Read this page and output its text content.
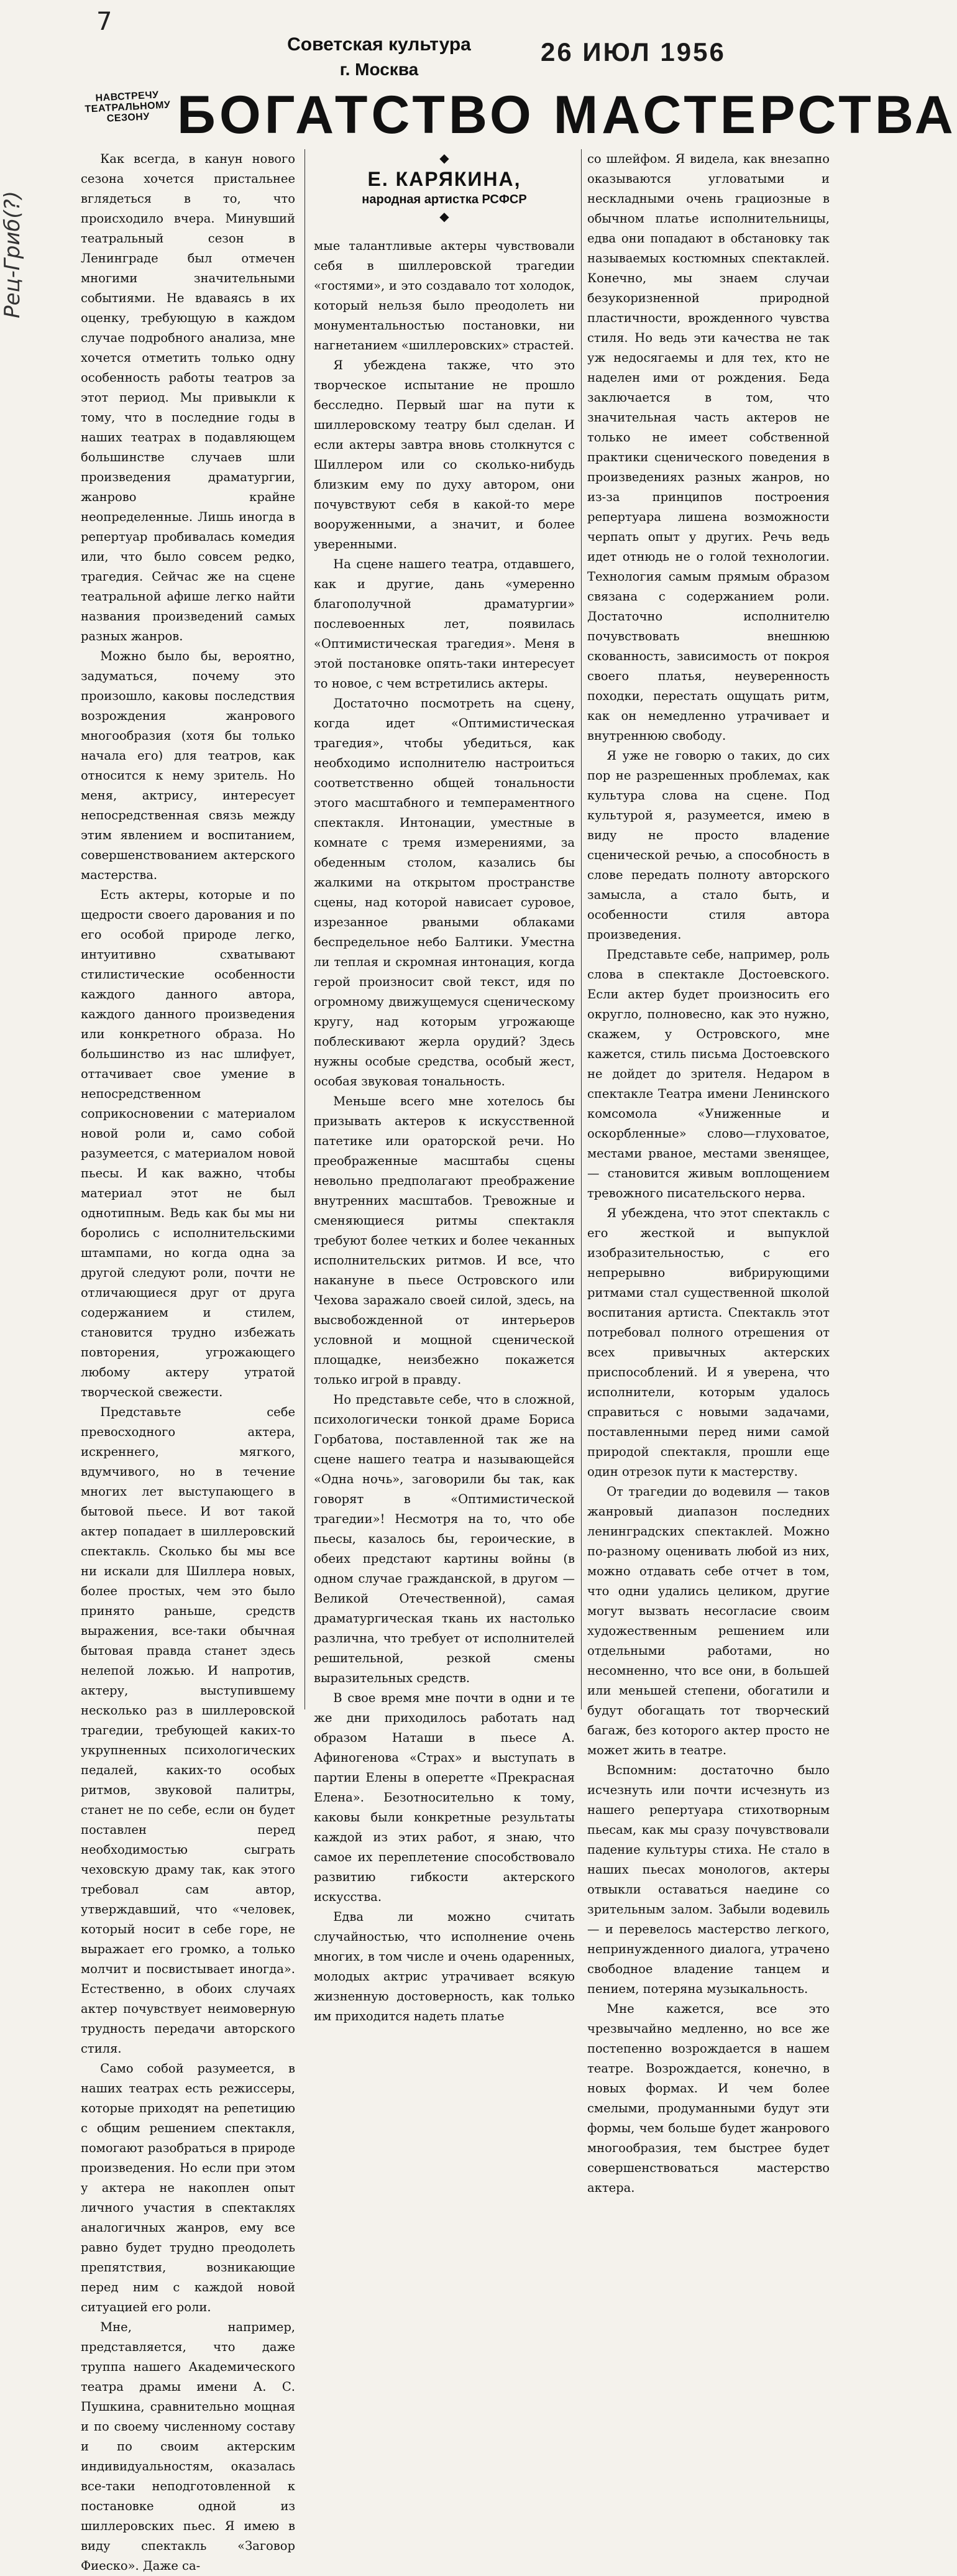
Рец-Гриб(?)
7
Советская культура
г. Москва
26 ИЮЛ 1956
НАВСТРЕЧУ
ТЕАТРАЛЬНОМУ
СЕЗОНУ БОГАТСТВО МАСТЕРСТВА
◆
Е. КАРЯКИНА,
народная артистка РСФСР
◆

Как всегда, в канун нового сезона хочется пристальнее вглядеться в то, что происходило вчера. Минувший театральный сезон в Ленинграде был отмечен многими значительными событиями. Не вдаваясь в их оценку, требующую в каждом случае подробного анализа, мне хочется отметить только одну особенность работы театров за этот период. Мы привыкли к тому, что в последние годы в наших театрах в подавляющем большинстве случаев шли произведения драматургии, жанрово крайне неопределенные. Лишь иногда в репертуар пробивалась комедия или, что было совсем редко, трагедия. Сейчас же на сцене театральной афише легко найти названия произведений самых разных жанров.

Можно было бы, вероятно, задуматься, почему это произошло, каковы последствия возрождения жанрового многообразия (хотя бы только начала его) для театров, как относится к нему зритель. Но меня, актрису, интересует непосредственная связь между этим явлением и воспитанием, совершенствованием актерского мастерства.

Есть актеры, которые и по щедрости своего дарования и по его особой природе легко, интуитивно схватывают стилистические особенности каждого данного автора, каждого данного произведения или конкретного образа. Но большинство из нас шлифует, оттачивает свое умение в непосредственном соприкосновении с материалом новой роли и, само собой разумеется, с материалом новой пьесы. И как важно, чтобы материал этот не был однотипным. Ведь как бы мы ни боролись с исполнительскими штампами, но когда одна за другой следуют роли, почти не отличающиеся друг от друга содержанием и стилем, становится трудно избежать повторения, угрожающего любому актеру утратой творческой свежести.

Представьте себе превосходного актера, искреннего, мягкого, вдумчивого, но в течение многих лет выступающего в бытовой пьесе. И вот такой актер попадает в шиллеровский спектакль. Сколько бы мы все ни искали для Шиллера новых, более простых, чем это было принято раньше, средств выражения, все-таки обычная бытовая правда станет здесь нелепой ложью. И напротив, актеру, выступившему несколько раз в шиллеровской трагедии, требующей каких-то укрупненных психологических педалей, каких-то особых ритмов, звуковой палитры, станет не по себе, если он будет поставлен перед необходимостью сыграть чеховскую драму так, как этого требовал сам автор, утверждавший, что «человек, который носит в себе горе, не выражает его громко, а только молчит и посвистывает иногда». Естественно, в обоих случаях актер почувствует неимоверную трудность передачи авторского стиля.

Само собой разумеется, в наших театрах есть режиссеры, которые приходят на репетицию с общим решением спектакля, помогают разобраться в природе произведения. Но если при этом у актера не накоплен опыт личного участия в спектаклях аналогичных жанров, ему все равно будет трудно преодолеть препятствия, возникающие перед ним с каждой новой ситуацией его роли.

Мне, например, представляется, что даже труппа нашего Академического театра драмы имени А. С. Пушкина, сравнительно мощная и по своему численному составу и по своим актерским индивидуальностям, оказалась все-таки неподготовленной к постановке одной из шиллеровских пьес. Я имею в виду спектакль «Заговор Фиеско». Даже са-

мые талантливые актеры чувствовали себя в шиллеровской трагедии «гостями», и это создавало тот холодок, который нельзя было преодолеть ни монументальностью постановки, ни нагнетанием «шиллеровских» страстей.

Я убеждена также, что это творческое испытание не прошло бесследно. Первый шаг на пути к шиллеровскому театру был сделан. И если актеры завтра вновь столкнутся с Шиллером или со сколько-нибудь близким ему по духу автором, они почувствуют себя в какой-то мере вооруженными, а значит, и более уверенными.

На сцене нашего театра, отдавшего, как и другие, дань «умеренно благополучной драматургии» послевоенных лет, появилась «Оптимистическая трагедия». Меня в этой постановке опять-таки интересует то новое, с чем встретились актеры.

Достаточно посмотреть на сцену, когда идет «Оптимистическая трагедия», чтобы убедиться, как необходимо исполнителю настроиться соответственно общей тональности этого масштабного и темпераментного спектакля. Интонации, уместные в комнате с тремя измерениями, за обеденным столом, казались бы жалкими на открытом пространстве сцены, над которой нависает суровое, изрезанное рваными облаками беспредельное небо Балтики. Уместна ли теплая и скромная интонация, когда герой произносит свой текст, идя по огромному движущемуся сценическому кругу, над которым угрожающе поблескивают жерла орудий? Здесь нужны особые средства, особый жест, особая звуковая тональность.

Меньше всего мне хотелось бы призывать актеров к искусственной патетике или ораторской речи. Но преображенные масштабы сцены невольно предполагают преображение внутренних масштабов. Тревожные и сменяющиеся ритмы спектакля требуют более четких и более чеканных исполнительских ритмов. И все, что накануне в пьесе Островского или Чехова заражало своей силой, здесь, на высвобожденной от интерьеров условной и мощной сценической площадке, неизбежно покажется только игрой в правду.

Но представьте себе, что в сложной, психологически тонкой драме Бориса Горбатова, поставленной так же на сцене нашего театра и называющейся «Одна ночь», заговорили бы так, как говорят в «Оптимистической трагедии»! Несмотря на то, что обе пьесы, казалось бы, героические, в обеих предстают картины войны (в одном случае гражданской, в другом — Великой Отечественной), самая драматургическая ткань их настолько различна, что требует от исполнителей решительной, резкой смены выразительных средств.

В свое время мне почти в одни и те же дни приходилось работать над образом Наташи в пьесе А. Афиногенова «Страх» и выступать в партии Елены в оперетте «Прекрасная Елена». Безотносительно к тому, каковы были конкретные результаты каждой из этих работ, я знаю, что самое их переплетение способствовало развитию гибкости актерского искусства.

Едва ли можно считать случайностью, что исполнение очень многих, в том числе и очень одаренных, молодых актрис утрачивает всякую жизненную достоверность, как только им приходится надеть платье

со шлейфом. Я видела, как внезапно оказываются угловатыми и нескладными очень грациозные в обычном платье исполнительницы, едва они попадают в обстановку так называемых костюмных спектаклей. Конечно, мы знаем случаи безукоризненной природной пластичности, врожденного чувства стиля. Но ведь эти качества не так уж недосягаемы и для тех, кто не наделен ими от рождения. Беда заключается в том, что значительная часть актеров не только не имеет собственной практики сценического поведения в произведениях разных жанров, но из-за принципов построения репертуара лишена возможности черпать опыт у других. Речь ведь идет отнюдь не о голой технологии. Технология самым прямым образом связана с содержанием роли. Достаточно исполнителю почувствовать внешнюю скованность, зависимость от покроя своего платья, неуверенность походки, перестать ощущать ритм, как он немедленно утрачивает и внутреннюю свободу.

Я уже не говорю о таких, до сих пор не разрешенных проблемах, как культура слова на сцене. Под культурой я, разумеется, имею в виду не просто владение сценической речью, а способность в слове передать полноту авторского замысла, а стало быть, и особенности стиля автора произведения.

Представьте себе, например, роль слова в спектакле Достоевского. Если актер будет произносить его округло, полновесно, как это нужно, скажем, у Островского, мне кажется, стиль письма Достоевского не дойдет до зрителя. Недаром в спектакле Театра имени Ленинского комсомола «Униженные и оскорбленные» слово—глуховатое, местами рваное, местами звенящее, — становится живым воплощением тревожного писательского нерва.

Я убеждена, что этот спектакль с его жесткой и выпуклой изобразительностью, с его непрерывно вибрирующими ритмами стал существенной школой воспитания артиста. Спектакль этот потребовал полного отрешения от всех привычных актерских приспособлений. И я уверена, что исполнители, которым удалось справиться с новыми задачами, поставленными перед ними самой природой спектакля, прошли еще один отрезок пути к мастерству.

От трагедии до водевиля — таков жанровый диапазон последних ленинградских спектаклей. Можно по-разному оценивать любой из них, можно отдавать себе отчет в том, что одни удались целиком, другие могут вызвать несогласие своим художественным решением или отдельными работами, но несомненно, что все они, в большей или меньшей степени, обогатили и будут обогащать тот творческий багаж, без которого актер просто не может жить в театре.

Вспомним: достаточно было исчезнуть или почти исчезнуть из нашего репертуара стихотворным пьесам, как мы сразу почувствовали падение культуры стиха. Не стало в наших пьесах монологов, актеры отвыкли оставаться наедине со зрительным залом. Забыли водевиль — и перевелось мастерство легкого, непринужденного диалога, утрачено свободное владение танцем и пением, потеряна музыкальность.

Мне кажется, все это чрезвычайно медленно, но все же постепенно возрождается в нашем театре. Возрождается, конечно, в новых формах. И чем более смелыми, продуманными будут эти формы, чем больше будет жанрового многообразия, тем быстрее будет совершенствоваться мастерство актера.
